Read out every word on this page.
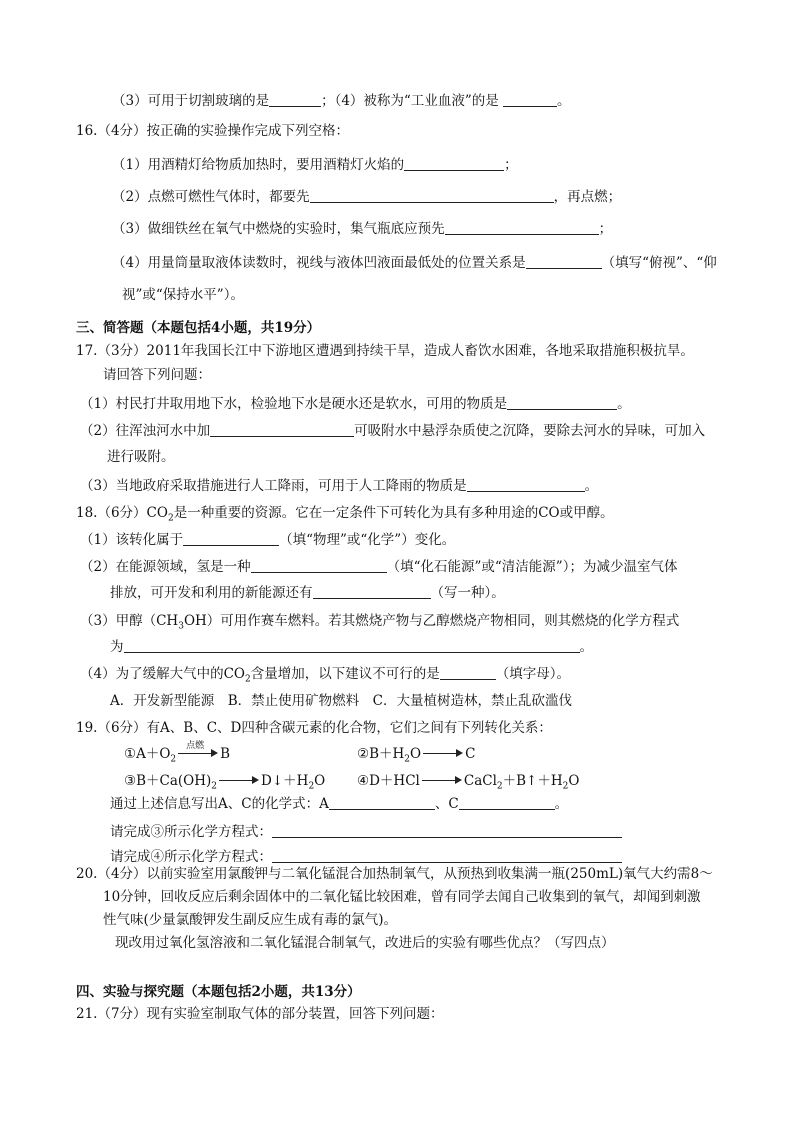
（3）可用于切割玻璃的是	；（4）被称为“工业血液”的是	。
16.（4分）按正确的实验操作完成下列空格：
（1）用酒精灯给物质加热时，要用酒精灯火焰的	；
（2）点燃可燃性气体时，都要先	，再点燃；
（3）做细铁丝在氧气中燃烧的实验时，集气瓶底应预先	；
（4）用量筒量取液体读数时，视线与液体凹液面最低处的位置关系是	（填写“俯视”、“仰
视”或“保持水平”）。
三、简答题（本题包括4小题，共19分）
17.（3分）2011年我国长江中下游地区遭遇到持续干旱，造成人畜饮水困难，各地采取措施积极抗旱。
请回答下列问题：
（1）村民打井取用地下水，检验地下水是硬水还是软水，可用的物质是	。
（2）往浑浊河水中加	可吸附水中悬浮杂质使之沉降，要除去河水的异味，可加入
进行吸附。
（3）当地政府采取措施进行人工降雨，可用于人工降雨的物质是	。
18.（6分）$CO_2$是一种重要的资源。它在一定条件下可转化为具有多种用途的CO或甲醇。
（1）该转化属于	（填“物理”或“化学”）变化。
（2）在能源领域，氢是一种	（填“化石能源”或“清洁能源”）；为减少温室气体
排放，可开发和利用的新能源还有	（写一种）。
（3）甲醇$(CH_3OH)$可用作赛车燃料。若其燃烧产物与乙醇燃烧产物相同，则其燃烧的化学方程式
为	。
（4）为了缓解大气中的$CO_2$含量增加，以下建议不可行的是	（填字母）。
A．开发新型能源　B．禁止使用矿物燃料　C．大量植树造林，禁止乱砍滥伐
19.（6分）有A、B、C、D四种含碳元素的化合物，它们之间有下列转化关系：
$①A+O_2$
点燃 B	$②B+H_2O$	C
$③B+Ca(OH)_2$	$D↓+H_2O$ ④D＋HCl	$CaCl_2+B↑+H_2O$
通过上述信息写出A、C的化学式：A	、C	。
请完成③所示化学方程式：
请完成④所示化学方程式：
20.（4分）以前实验室用氯酸钾与二氧化锰混合加热制氧气，从预热到收集满一瓶(250mL)氧气大约需8～
10分钟，回收反应后剩余固体中的二氧化锰比较困难，曾有同学去闻自己收集到的氧气，却闻到刺激
性气味(少量氯酸钾发生副反应生成有毒的氯气)。
现改用过氧化氢溶液和二氧化锰混合制氧气，改进后的实验有哪些优点？（写四点）
四、实验与探究题（本题包括2小题，共13分）
21.（7分）现有实验室制取气体的部分装置，回答下列问题：
